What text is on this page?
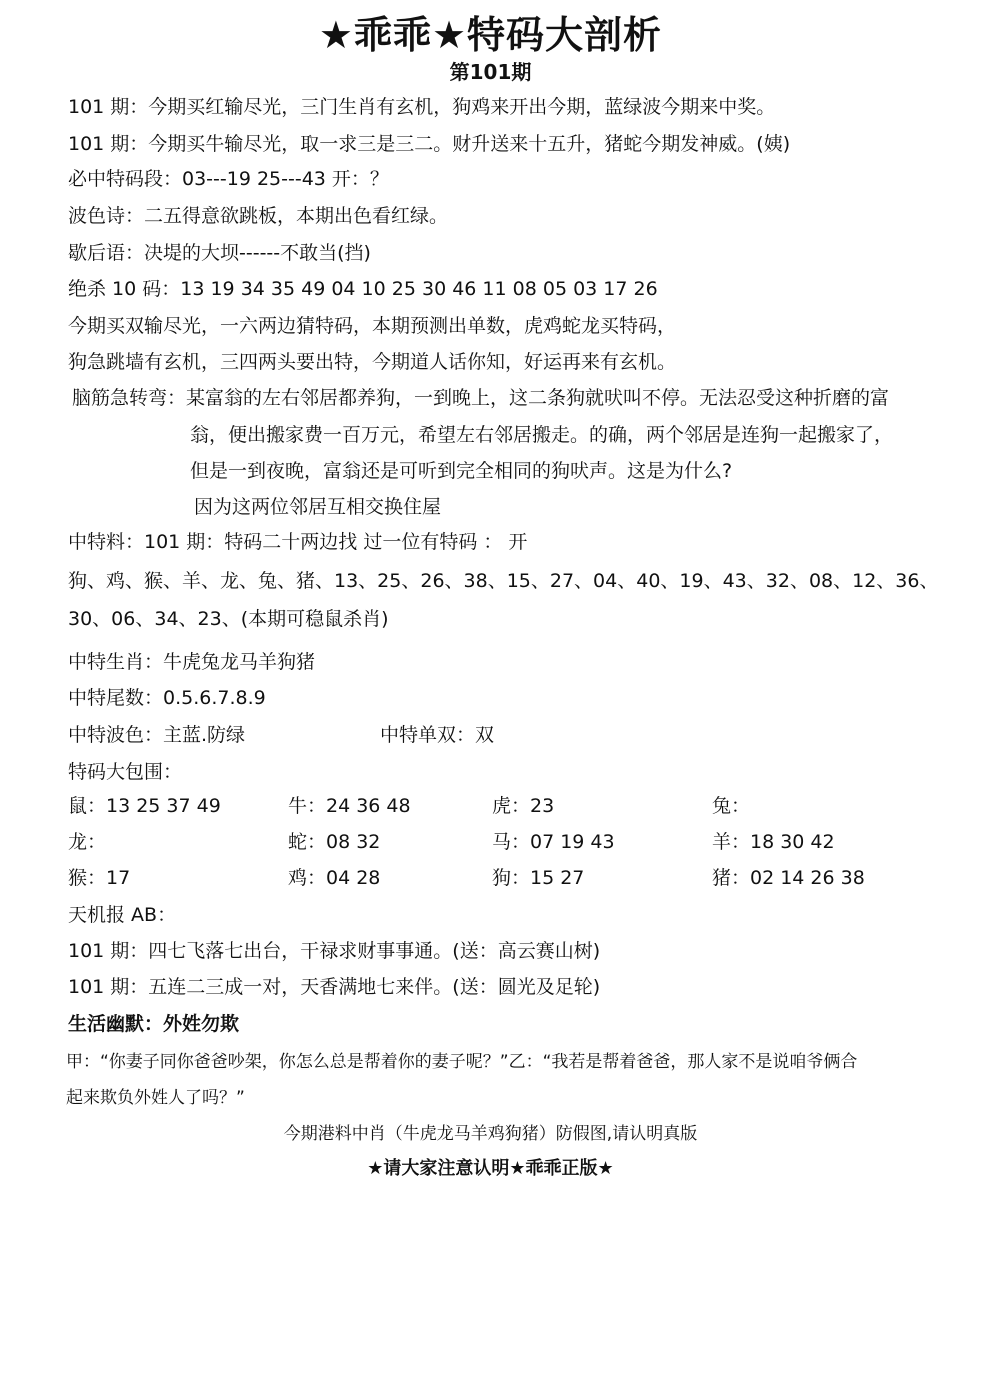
★乖乖★特码大剖析
第101期
101 期：今期买红输尽光，三门生肖有玄机，狗鸡来开出今期，蓝绿波今期来中奖。
101 期：今期买牛输尽光，取一求三是三二。财升送来十五升，猪蛇今期发神威。(姨)
必中特码段：03---19 25---43 开：？
波色诗：二五得意欲跳板，本期出色看红绿。
歇后语：决堤的大坝------不敢当(挡)
绝杀 10 码：13 19 34 35 49 04 10 25 30 46 11 08 05 03 17 26
今期买双输尽光，一六两边猜特码，本期预测出单数，虎鸡蛇龙买特码，
狗急跳墙有玄机，三四两头要出特，今期道人话你知，好运再来有玄机。
脑筋急转弯：某富翁的左右邻居都养狗，一到晚上，这二条狗就吠叫不停。无法忍受这种折磨的富
翁，便出搬家费一百万元，希望左右邻居搬走。的确，两个邻居是连狗一起搬家了，
但是一到夜晚，富翁还是可听到完全相同的狗吠声。这是为什么?
因为这两位邻居互相交换住屋
中特料：101 期：特码二十两边找 过一位有特码 ： 开
狗、鸡、猴、羊、龙、兔、猪、13、25、26、38、15、27、04、40、19、43、32、08、12、36、
30、06、34、23、(本期可稳鼠杀肖)
中特生肖：牛虎兔龙马羊狗猪
中特尾数：0.5.6.7.8.9
中特波色：主蓝.防绿	中特单双：双
特码大包围：
鼠：13 25 37 49	牛：24 36 48	虎：23	兔：
龙：	蛇：08 32	马：07 19 43	羊：18 30 42
猴：17	鸡：04 28	狗：15 27	猪：02 14 26 38
天机报 AB：
101 期：四七飞落七出台，干禄求财事事通。(送：高云赛山树)
101 期：五连二三成一对，天香满地七来伴。(送：圆光及足轮)
生活幽默：外姓勿欺
甲：“你妻子同你爸爸吵架，你怎么总是帮着你的妻子呢？”乙：“我若是帮着爸爸，那人家不是说咱爷俩合
起来欺负外姓人了吗？”
今期港料中肖（牛虎龙马羊鸡狗猪）防假图,请认明真版
★请大家注意认明★乖乖正版★
